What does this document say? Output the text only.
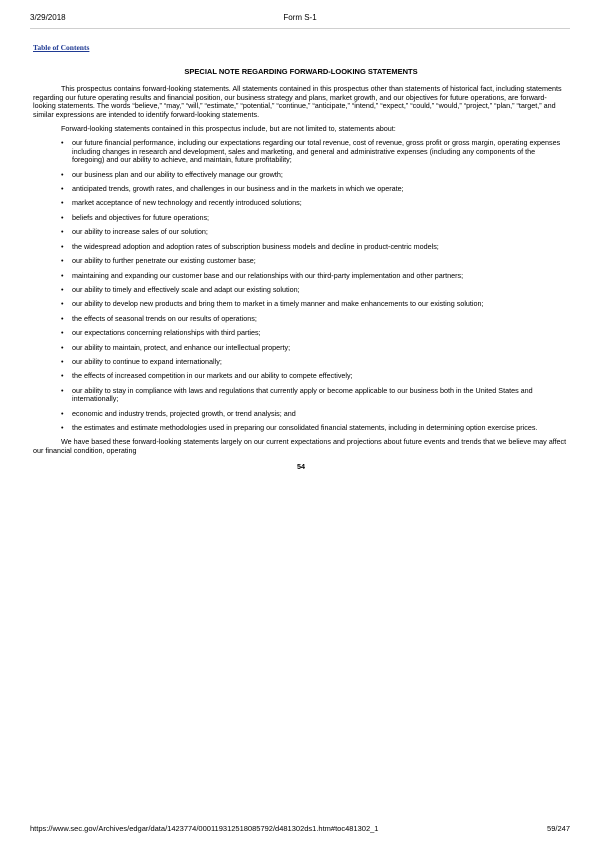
3/29/2018	Form S-1
Table of Contents
SPECIAL NOTE REGARDING FORWARD-LOOKING STATEMENTS

This prospectus contains forward-looking statements. All statements contained in this prospectus other than statements of historical fact, including statements regarding our future operating results and financial position, our business strategy and plans, market growth, and our objectives for future operations, are forward-looking statements. The words “believe,” “may,” “will,” “estimate,” “potential,” “continue,” “anticipate,” “intend,” “expect,” “could,” “would,” “project,” “plan,” “target,” and similar expressions are intended to identify forward-looking statements.

Forward-looking statements contained in this prospectus include, but are not limited to, statements about:

• our future financial performance, including our expectations regarding our total revenue, cost of revenue, gross profit or gross margin, operating expenses including changes in research and development, sales and marketing, and general and administrative expenses (including any components of the foregoing) and our ability to achieve, and maintain, future profitability;
• our business plan and our ability to effectively manage our growth;
• anticipated trends, growth rates, and challenges in our business and in the markets in which we operate;
• market acceptance of new technology and recently introduced solutions;
• beliefs and objectives for future operations;
• our ability to increase sales of our solution;
• the widespread adoption and adoption rates of subscription business models and decline in product-centric models;
• our ability to further penetrate our existing customer base;
• maintaining and expanding our customer base and our relationships with our third-party implementation and other partners;
• our ability to timely and effectively scale and adapt our existing solution;
• our ability to develop new products and bring them to market in a timely manner and make enhancements to our existing solution;
• the effects of seasonal trends on our results of operations;
• our expectations concerning relationships with third parties;
• our ability to maintain, protect, and enhance our intellectual property;
• our ability to continue to expand internationally;
• the effects of increased competition in our markets and our ability to compete effectively;
• our ability to stay in compliance with laws and regulations that currently apply or become applicable to our business both in the United States and internationally;
• economic and industry trends, projected growth, or trend analysis; and
• the estimates and estimate methodologies used in preparing our consolidated financial statements, including in determining option exercise prices.

We have based these forward-looking statements largely on our current expectations and projections about future events and trends that we believe may affect our financial condition, operating

54
https://www.sec.gov/Archives/edgar/data/1423774/000119312518085792/d481302ds1.htm#toc481302_1	59/247
